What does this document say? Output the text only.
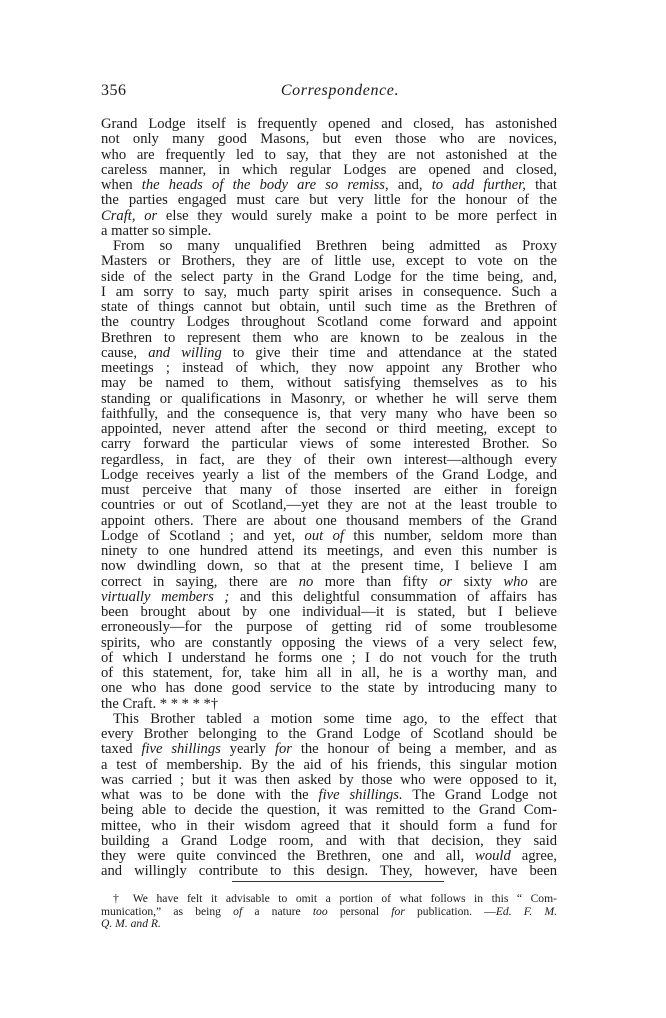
356	Correspondence.
Grand Lodge itself is frequently opened and closed, has astonished
not only many good Masons, but even those who are novices,
who are frequently led to say, that they are not astonished at the
careless manner, in which regular Lodges are opened and closed,
when the heads of the body are so remiss, and, to add further, that
the parties engaged must care but very little for the honour of the
Craft, or else they would surely make a point to be more perfect in
a matter so simple.
From so many unqualified Brethren being admitted as Proxy
Masters or Brothers, they are of little use, except to vote on the
side of the select party in the Grand Lodge for the time being, and,
I am sorry to say, much party spirit arises in consequence. Such a
state of things cannot but obtain, until such time as the Brethren of
the country Lodges throughout Scotland come forward and appoint
Brethren to represent them who are known to be zealous in the
cause, and willing to give their time and attendance at the stated
meetings ; instead of which, they now appoint any Brother who
may be named to them, without satisfying themselves as to his
standing or qualifications in Masonry, or whether he will serve them
faithfully, and the consequence is, that very many who have been so
appointed, never attend after the second or third meeting, except to
carry forward the particular views of some interested Brother. So
regardless, in fact, are they of their own interest—although every
Lodge receives yearly a list of the members of the Grand Lodge, and
must perceive that many of those inserted are either in foreign
countries or out of Scotland,—yet they are not at the least trouble to
appoint others. There are about one thousand members of the Grand
Lodge of Scotland ; and yet, out of this number, seldom more than
ninety to one hundred attend its meetings, and even this number is
now dwindling down, so that at the present time, I believe I am
correct in saying, there are no more than fifty or sixty who are
virtually members ; and this delightful consummation of affairs has
been brought about by one individual—it is stated, but I believe
erroneously—for the purpose of getting rid of some troublesome
spirits, who are constantly opposing the views of a very select few,
of which I understand he forms one ; I do not vouch for the truth
of this statement, for, take him all in all, he is a worthy man, and
one who has done good service to the state by introducing many to
the Craft. * * * * *†
This Brother tabled a motion some time ago, to the effect that
every Brother belonging to the Grand Lodge of Scotland should be
taxed five shillings yearly for the honour of being a member, and as
a test of membership. By the aid of his friends, this singular motion
was carried ; but it was then asked by those who were opposed to it,
what was to be done with the five shillings. The Grand Lodge not
being able to decide the question, it was remitted to the Grand Com-
mittee, who in their wisdom agreed that it should form a fund for
building a Grand Lodge room, and with that decision, they said
they were quite convinced the Brethren, one and all, would agree,
and willingly contribute to this design. They, however, have been
† We have felt it advisable to omit a portion of what follows in this “ Com-
munication,” as being of a nature too personal for publication. —Ed. F. M.
Q. M. and R.
